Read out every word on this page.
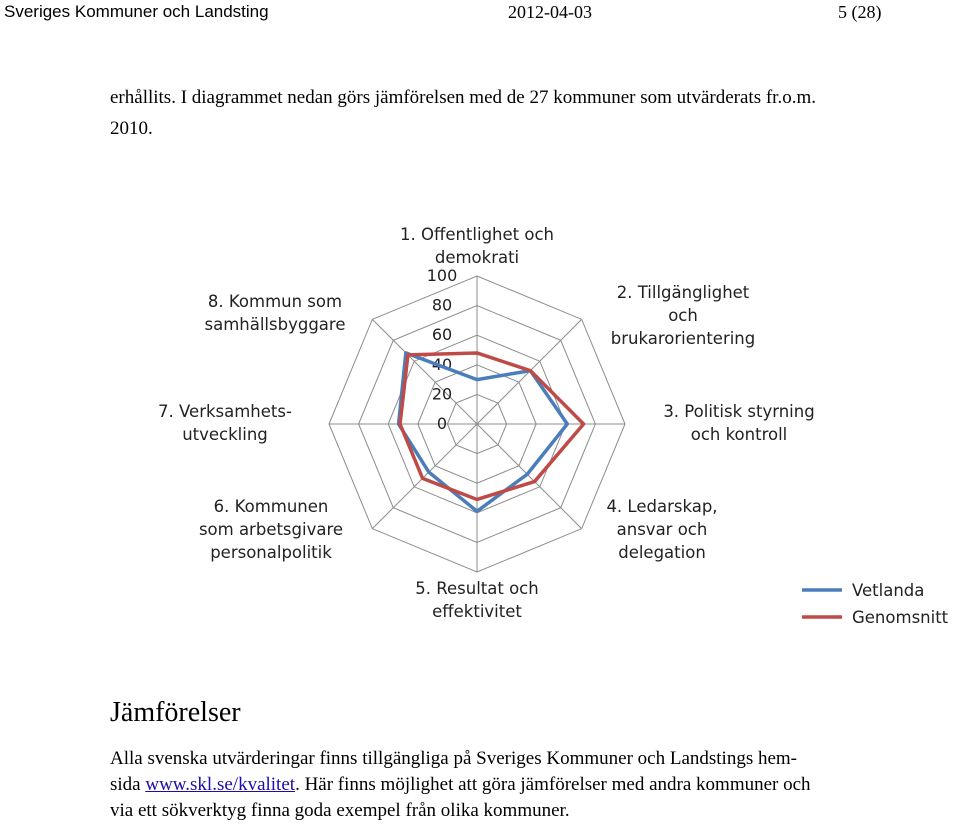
Sveriges Kommuner och Landsting	2012-04-03	5 (28)

erhållits. I diagrammet nedan görs jämförelsen med de 27 kommuner som utvärderats fr.o.m.
2010.

0
20
40
60
80
100
1. Offentlighet och
demokrati
2. Tillgänglighet
och
brukarorientering
3. Politisk styrning
och kontroll
4. Ledarskap,
ansvar och
delegation
5. Resultat och
effektivitet
6. Kommunen
som arbetsgivare
personalpolitik
7. Verksamhets-
utveckling
8. Kommun som
samhällsbyggare
Vetlanda
Genomsnitt
Jämförelser

Alla svenska utvärderingar finns tillgängliga på Sveriges Kommuner och Landstings hem-
sida www.skl.se/kvalitet. Här finns möjlighet att göra jämförelser med andra kommuner och
via ett sökverktyg finna goda exempel från olika kommuner.
